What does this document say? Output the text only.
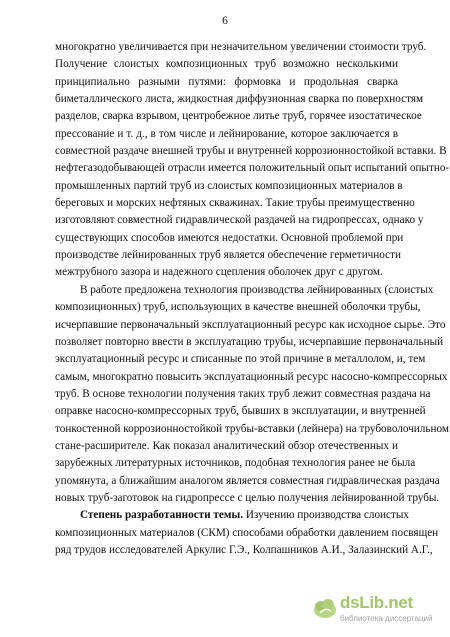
6

многократно увеличивается при незначительном увеличении стоимости труб.
Получение слоистых композиционных труб возможно несколькими
принципиально разными путями: формовка и продольная сварка
биметаллического листа, жидкостная диффузионная сварка по поверхностям
разделов, сварка взрывом, центробежное литье труб, горячее изостатическое
прессование и т. д., в том числе и лейнирование, которое заключается в
совместной раздаче внешней трубы и внутренней коррозионностойкой вставки. В
нефтегазодобывающей отрасли имеется положительный опыт испытаний опытно-
промышленных партий труб из слоистых композиционных материалов в
береговых и морских нефтяных скважинах. Такие трубы преимущественно
изготовляют совместной гидравлической раздачей на гидропрессах, однако у
существующих способов имеются недостатки. Основной проблемой при
производстве лейнированных труб является обеспечение герметичности
межтрубного зазора и надежного сцепления оболочек друг с другом.

В работе предложена технология производства лейнированных (слоистых
композиционных) труб, использующих в качестве внешней оболочки трубы,
исчерпавшие первоначальный эксплуатационный ресурс как исходное сырье. Это
позволяет повторно ввести в эксплуатацию трубы, исчерпавшие первоначальный
эксплуатационный ресурс и списанные по этой причине в металлолом, и, тем
самым, многократно повысить эксплуатационный ресурс насосно-компрессорных
труб. В основе технологии получения таких труб лежит совместная раздача на
оправке насосно-компрессорных труб, бывших в эксплуатации, и внутренней
тонкостенной коррозионностойкой трубы-вставки (лейнера) на трубоволочильном
стане-расширителе. Как показал аналитический обзор отечественных и
зарубежных литературных источников, подобная технология ранее не была
упомянута, а ближайшим аналогом является совместная гидравлическая раздача
новых труб-заготовок на гидропрессе с целью получения лейнированной трубы.

Степень разработанности темы. Изучению производства слоистых
композиционных материалов (СКМ) способами обработки давлением посвящен
ряд трудов исследователей Аркулис Г.Э., Колпашников А.И., Залазинский А.Г.,

dsLib.net
библиотека диссертаций
